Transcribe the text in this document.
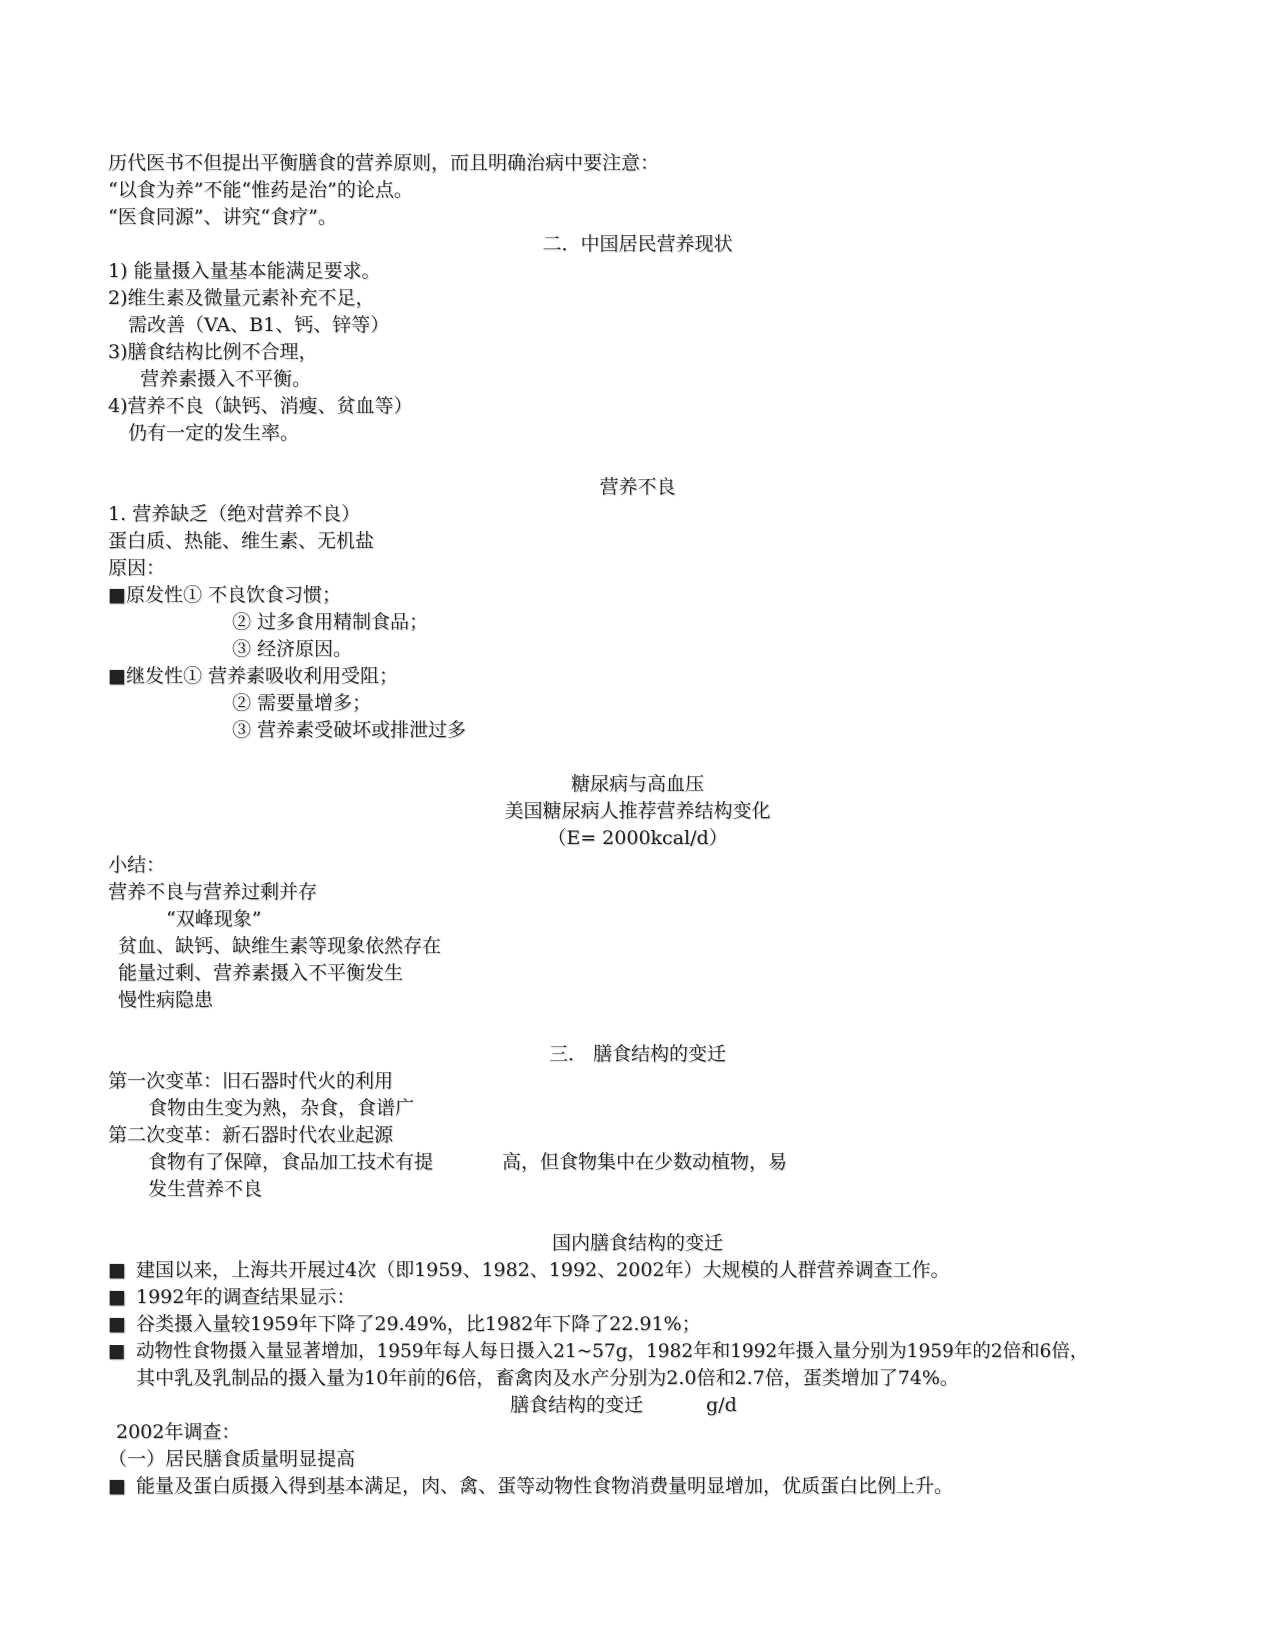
历代医书不但提出平衡膳食的营养原则，而且明确治病中要注意：
“以食为养”不能“惟药是治”的论点。
“医食同源”、讲究“食疗”。
二．中国居民营养现状
1) 能量摄入量基本能满足要求。
2)维生素及微量元素补充不足，
需改善（VA、B1、钙、锌等）
3)膳食结构比例不合理，
营养素摄入不平衡。
4)营养不良（缺钙、消瘦、贫血等）
仍有一定的发生率。
营养不良
1. 营养缺乏（绝对营养不良）
蛋白质、热能、维生素、无机盐
原因：
■原发性① 不良饮食习惯；
② 过多食用精制食品；
③ 经济原因。
■继发性① 营养素吸收利用受阻；
② 需要量增多；
③ 营养素受破坏或排泄过多
糖尿病与高血压
美国糖尿病人推荐营养结构变化
（E= 2000kcal/d）
小结：
营养不良与营养过剩并存
“双峰现象”
贫血、缺钙、缺维生素等现象依然存在
能量过剩、营养素摄入不平衡发生
慢性病隐患
三． 膳食结构的变迁
第一次变革：旧石器时代火的利用
食物由生变为熟，杂食，食谱广
第二次变革：新石器时代农业起源
食物有了保障，食品加工技术有提	高，但食物集中在少数动植物，易
发生营养不良
国内膳食结构的变迁
■ 建国以来，上海共开展过4次（即1959、1982、1992、2002年）大规模的人群营养调查工作。
■ 1992年的调查结果显示：
■ 谷类摄入量较1959年下降了29.49%，比1982年下降了22.91%；
■ 动物性食物摄入量显著增加，1959年每人每日摄入21~57g，1982年和1992年摄入量分别为1959年的2倍和6倍，
其中乳及乳制品的摄入量为10年前的6倍，畜禽肉及水产分别为2.0倍和2.7倍，蛋类增加了74%。
膳食结构的变迁	g/d
2002年调查：
（一）居民膳食质量明显提高
■ 能量及蛋白质摄入得到基本满足，肉、禽、蛋等动物性食物消费量明显增加，优质蛋白比例上升。
